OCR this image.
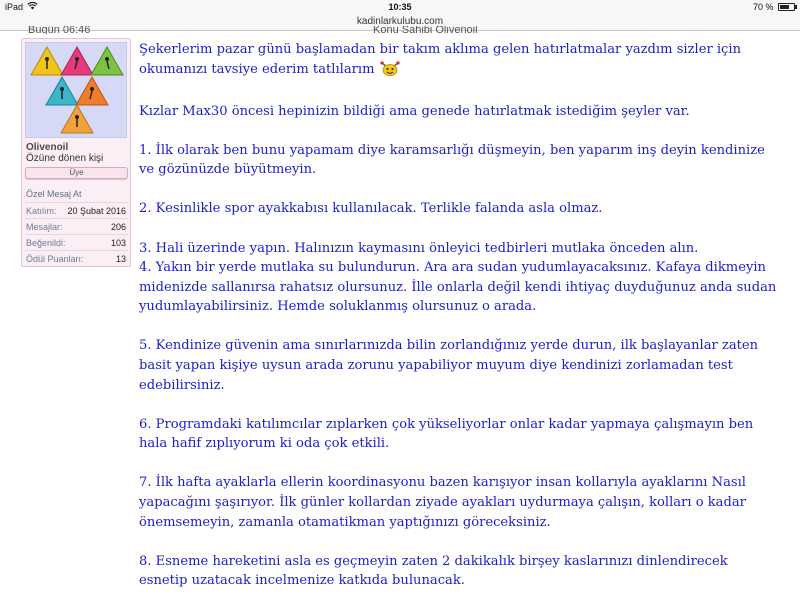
iPad	10:35	70 %
kadinlarkulubu.com
Bugün 06:46	Konu Sahibi Olivenoil
Olivenoil
Özüne dönen kişi
Üye
Özel Mesaj At
Katılım: 20 Şubat 2016
Mesajlar:	206
Beğenildi:	103
Ödül Puanları:	13

Şekerlerim pazar günü başlamadan bir takım aklıma gelen hatırlatmalar yazdım sizler için okumanızı tavsiye ederim tatlılarım

Kızlar Max30 öncesi hepinizin bildiği ama genede hatırlatmak istediğim şeyler var.

1. İlk olarak ben bunu yapamam diye karamsarlığı düşmeyin, ben yaparım inş deyin kendinize ve gözünüzde büyütmeyin.

2. Kesinlikle spor ayakkabısı kullanılacak. Terlikle falanda asla olmaz.

3. Hali üzerinde yapın. Halınızın kaymasını önleyici tedbirleri mutlaka önceden alın.

4. Yakın bir yerde mutlaka su bulundurun. Ara ara sudan yudumlayacaksınız. Kafaya dikmeyin midenizde sallanırsa rahatsız olursunuz. İlle onlarla değil kendi ihtiyaç duyduğunuz anda sudan yudumlayabilirsiniz. Hemde soluklanmış olursunuz o arada.

5. Kendinize güvenin ama sınırlarınızda bilin zorlandığınız yerde durun, ilk başlayanlar zaten basit yapan kişiye uysun arada zorunu yapabiliyor muyum diye kendinizi zorlamadan test edebilirsiniz.

6. Programdaki katılımcılar zıplarken çok yükseliyorlar onlar kadar yapmaya çalışmayın ben hala hafif zıplıyorum ki oda çok etkili.

7. İlk hafta ayaklarla ellerin koordinasyonu bazen karışıyor insan kollarıyla ayaklarını Nasıl yapacağını şaşırıyor. İlk günler kollardan ziyade ayakları uydurmaya çalışın, kolları o kadar önemsemeyin, zamanla otamatikman yaptığınızı göreceksiniz.

8. Esneme hareketini asla es geçmeyin zaten 2 dakikalık birşey kaslarınızı dinlendirecek esnetip uzatacak incelmenize katkıda bulunacak.
